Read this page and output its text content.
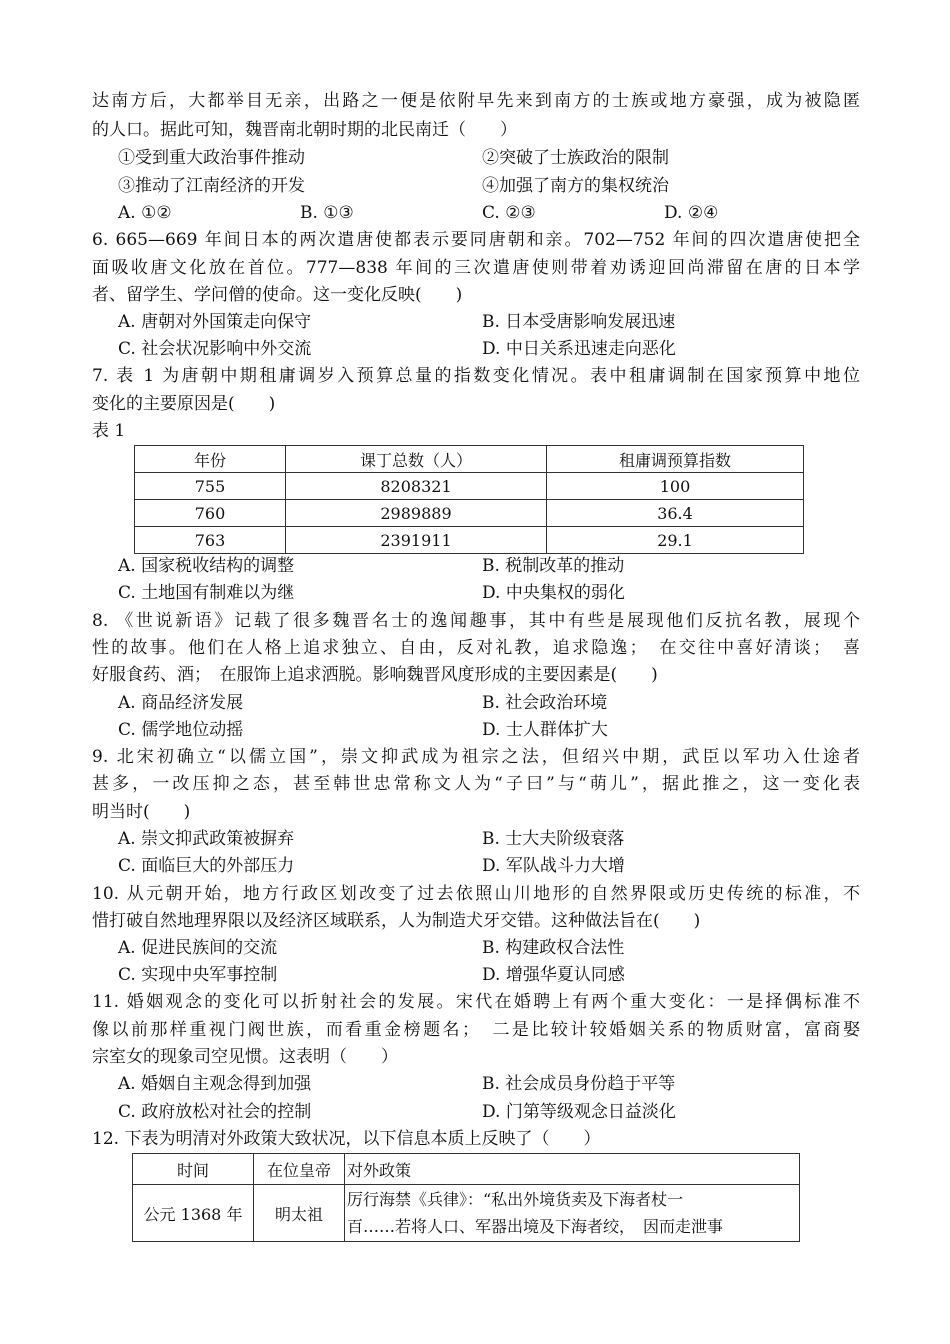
达南方后，大都举目无亲，出路之一便是依附早先来到南方的士族或地方豪强，成为被隐匿
的人口。据此可知，魏晋南北朝时期的北民南迁（　　）
①受到重大政治事件推动	②突破了士族政治的限制
③推动了江南经济的开发	④加强了南方的集权统治
A. ①②	B. ①③	C. ②③	D. ②④
6. 665—669 年间日本的两次遣唐使都表示要同唐朝和亲。702—752 年间的四次遣唐使把全
面吸收唐文化放在首位。777—838 年间的三次遣唐使则带着劝诱迎回尚滞留在唐的日本学
者、留学生、学问僧的使命。这一变化反映(　　)
A. 唐朝对外国策走向保守	B. 日本受唐影响发展迅速
C. 社会状况影响中外交流	D. 中日关系迅速走向恶化
7. 表 1 为唐朝中期租庸调岁入预算总量的指数变化情况。表中租庸调制在国家预算中地位
变化的主要原因是(　　)
表 1
年份	课丁总数（人）	租庸调预算指数
755	8208321	100
760	2989889	36.4
763	2391911	29.1
A. 国家税收结构的调整	B. 税制改革的推动
C. 土地国有制难以为继	D. 中央集权的弱化
8. 《世说新语》记载了很多魏晋名士的逸闻趣事，其中有些是展现他们反抗名教，展现个
性的故事。他们在人格上追求独立、自由，反对礼教，追求隐逸；　在交往中喜好清谈；　喜
好服食药、酒；　在服饰上追求洒脱。影响魏晋风度形成的主要因素是(　　)
A. 商品经济发展	B. 社会政治环境
C. 儒学地位动摇	D. 士人群体扩大
9. 北宋初确立“以儒立国”，崇文抑武成为祖宗之法，但绍兴中期，武臣以军功入仕途者
甚多，一改压抑之态，甚至韩世忠常称文人为“子曰”与“萌儿”，据此推之，这一变化表
明当时(　　)
A. 崇文抑武政策被摒弃	B. 士大夫阶级衰落
C. 面临巨大的外部压力	D. 军队战斗力大增
10. 从元朝开始，地方行政区划改变了过去依照山川地形的自然界限或历史传统的标准，不
惜打破自然地理界限以及经济区域联系，人为制造犬牙交错。这种做法旨在(　　)
A. 促进民族间的交流	B. 构建政权合法性
C. 实现中央军事控制	D. 增强华夏认同感
11. 婚姻观念的变化可以折射社会的发展。宋代在婚聘上有两个重大变化：一是择偶标准不
像以前那样重视门阀世族，而看重金榜题名；　二是比较计较婚姻关系的物质财富，富商娶
宗室女的现象司空见惯。这表明（　　）
A. 婚姻自主观念得到加强	B. 社会成员身份趋于平等
C. 政府放松对社会的控制	D. 门第等级观念日益淡化
12. 下表为明清对外政策大致状况，以下信息本质上反映了（　　）
时间	在位皇帝	对外政策
公元 1368 年	明太祖	厉行海禁《兵律》：“私出外境货卖及下海者杖一
百……若将人口、军器出境及下海者绞，　因而走泄事
